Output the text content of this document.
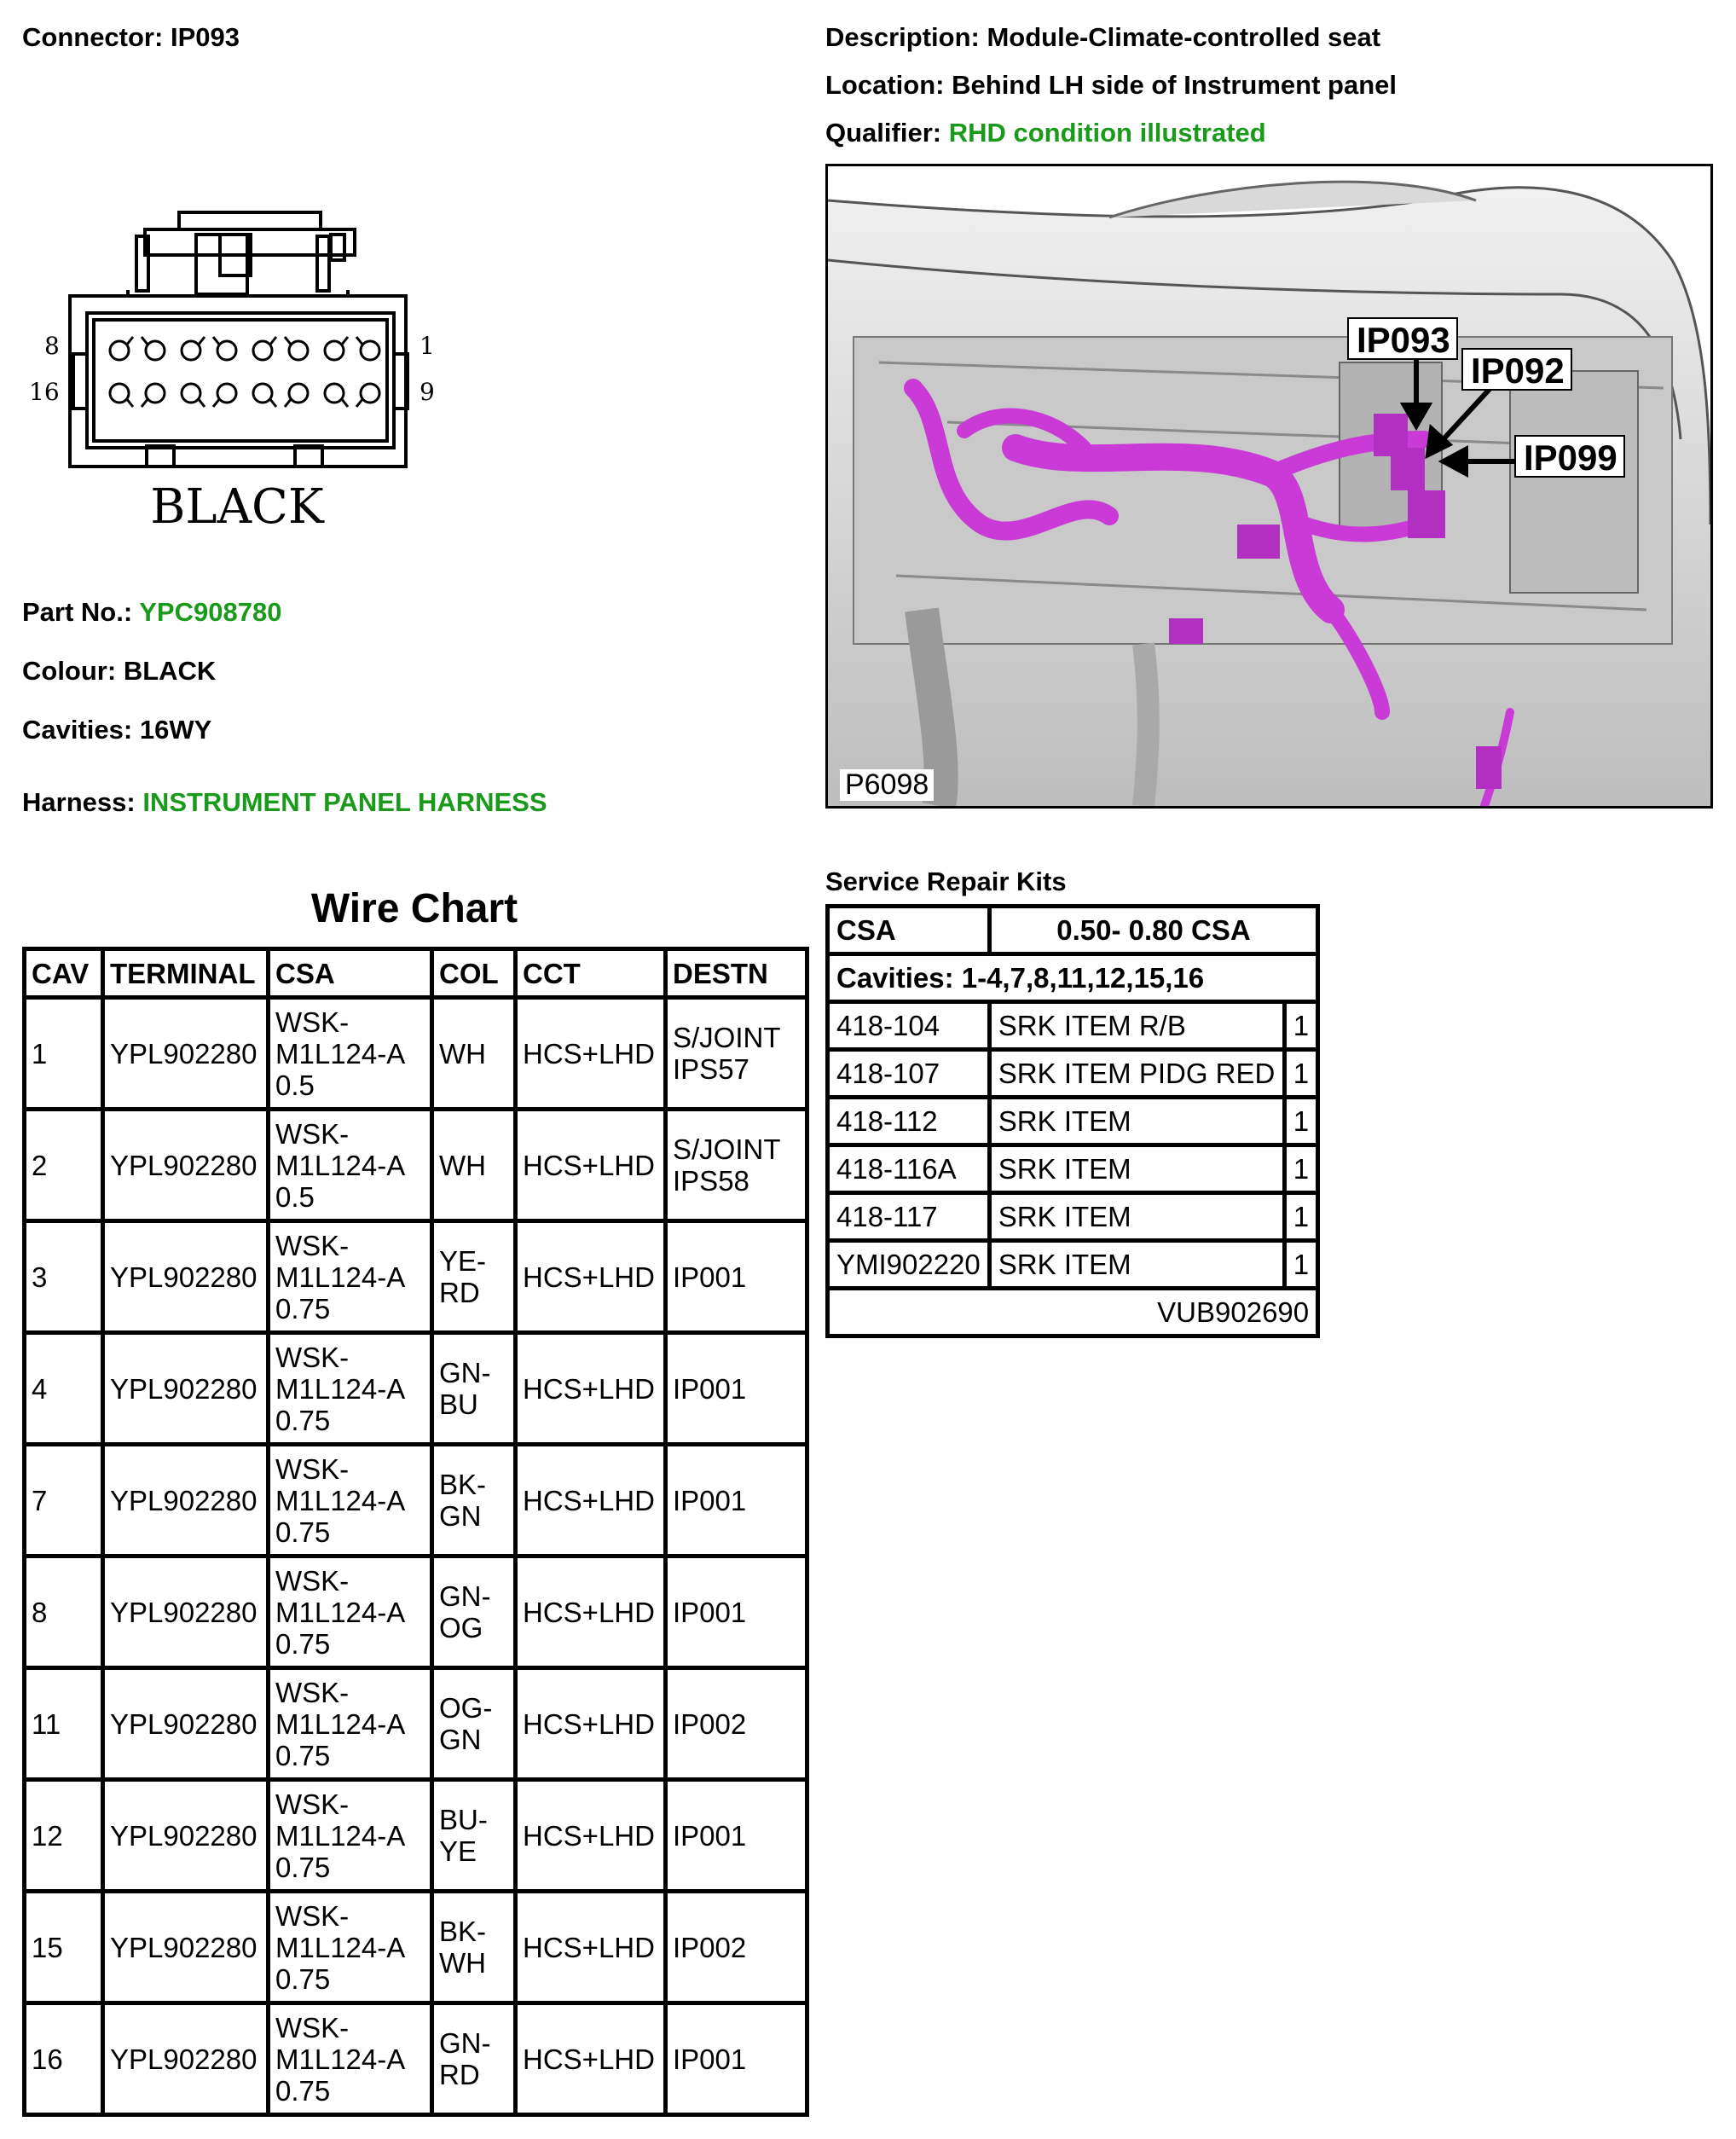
Connector: IP093	Description: Module-Climate-controlled seat
Location: Behind LH side of Instrument panel
Qualifier: RHD condition illustrated
8	1
16	9
BLACK
Part No.: YPC908780
Colour: BLACK
Cavities: 16WY
Harness: INSTRUMENT PANEL HARNESS
IP093
IP092
IP099
P6098
Wire Chart
CAV	TERMINAL	CSA	COL	CCT	DESTN
1	YPL902280	WSK-M1L124-A 0.5	WH	HCS+LHD	S/JOINT IPS57
2	YPL902280	WSK-M1L124-A 0.5	WH	HCS+LHD	S/JOINT IPS58
3	YPL902280	WSK-M1L124-A 0.75	YE-RD	HCS+LHD	IP001
4	YPL902280	WSK-M1L124-A 0.75	GN-BU	HCS+LHD	IP001
7	YPL902280	WSK-M1L124-A 0.75	BK-GN	HCS+LHD	IP001
8	YPL902280	WSK-M1L124-A 0.75	GN-OG	HCS+LHD	IP001
11	YPL902280	WSK-M1L124-A 0.75	OG-GN	HCS+LHD	IP002
12	YPL902280	WSK-M1L124-A 0.75	BU-YE	HCS+LHD	IP001
15	YPL902280	WSK-M1L124-A 0.75	BK-WH	HCS+LHD	IP002
16	YPL902280	WSK-M1L124-A 0.75	GN-RD	HCS+LHD	IP001
Service Repair Kits
CSA	0.50- 0.80 CSA	
Cavities: 1-4,7,8,11,12,15,16		
418-104	SRK ITEM R/B	1
418-107	SRK ITEM PIDG RED	1
418-112	SRK ITEM	1
418-116A	SRK ITEM	1
418-117	SRK ITEM	1
YMI902220	SRK ITEM	1
VUB902690		
